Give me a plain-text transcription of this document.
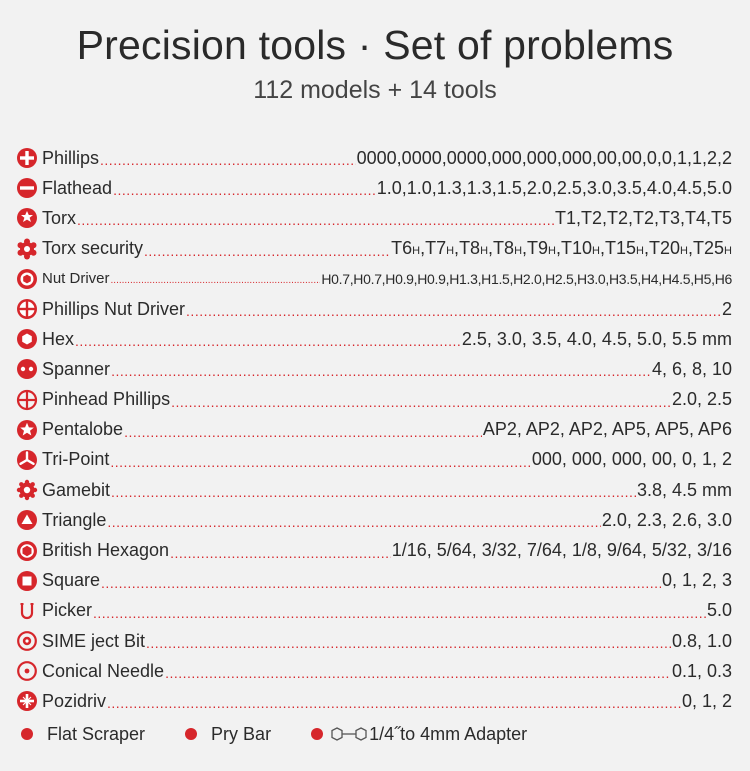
Precision tools · Set of problems
112 models + 14 tools
Phillips .....	0000,0000,0000,000,000,000,00,00,0,0,1,1,2,2
Flathead .....	1.0,1.0,1.3,1.3,1.5,2.0,2.5,3.0,3.5,4.0,4.5,5.0
Torx .....	T1,T2,T2,T2,T3,T4,T5
Torx security .....	T6H,T7H,T8H,T8H,T9H,T10H,T15H,T20H,T25H
Nut Driver .....	H0.7,H0.7,H0.9,H0.9,H1.3,H1.5,H2.0,H2.5,H3.0,H3.5,H4,H4.5,H5,H6
Phillips Nut Driver .....	2
Hex .....	2.5, 3.0, 3.5, 4.0, 4.5, 5.0, 5.5 mm
Spanner .....	4, 6, 8, 10
Pinhead Phillips .....	2.0, 2.5
Pentalobe .....	AP2, AP2, AP2, AP5, AP5, AP6
Tri-Point .....	000, 000, 000, 00, 0, 1, 2
Gamebit .....	3.8, 4.5 mm
Triangle .....	2.0, 2.3, 2.6, 3.0
British Hexagon .....	1/16, 5/64, 3/32, 7/64, 1/8, 9/64, 5/32, 3/16
Square .....	0, 1, 2, 3
Picker .....	5.0
SIME ject Bit .....	0.8, 1.0
Conical Needle .....	0.1, 0.3
Pozidriv .....	0, 1, 2
Flat Scraper	Pry Bar	1/4˝to 4mm Adapter
